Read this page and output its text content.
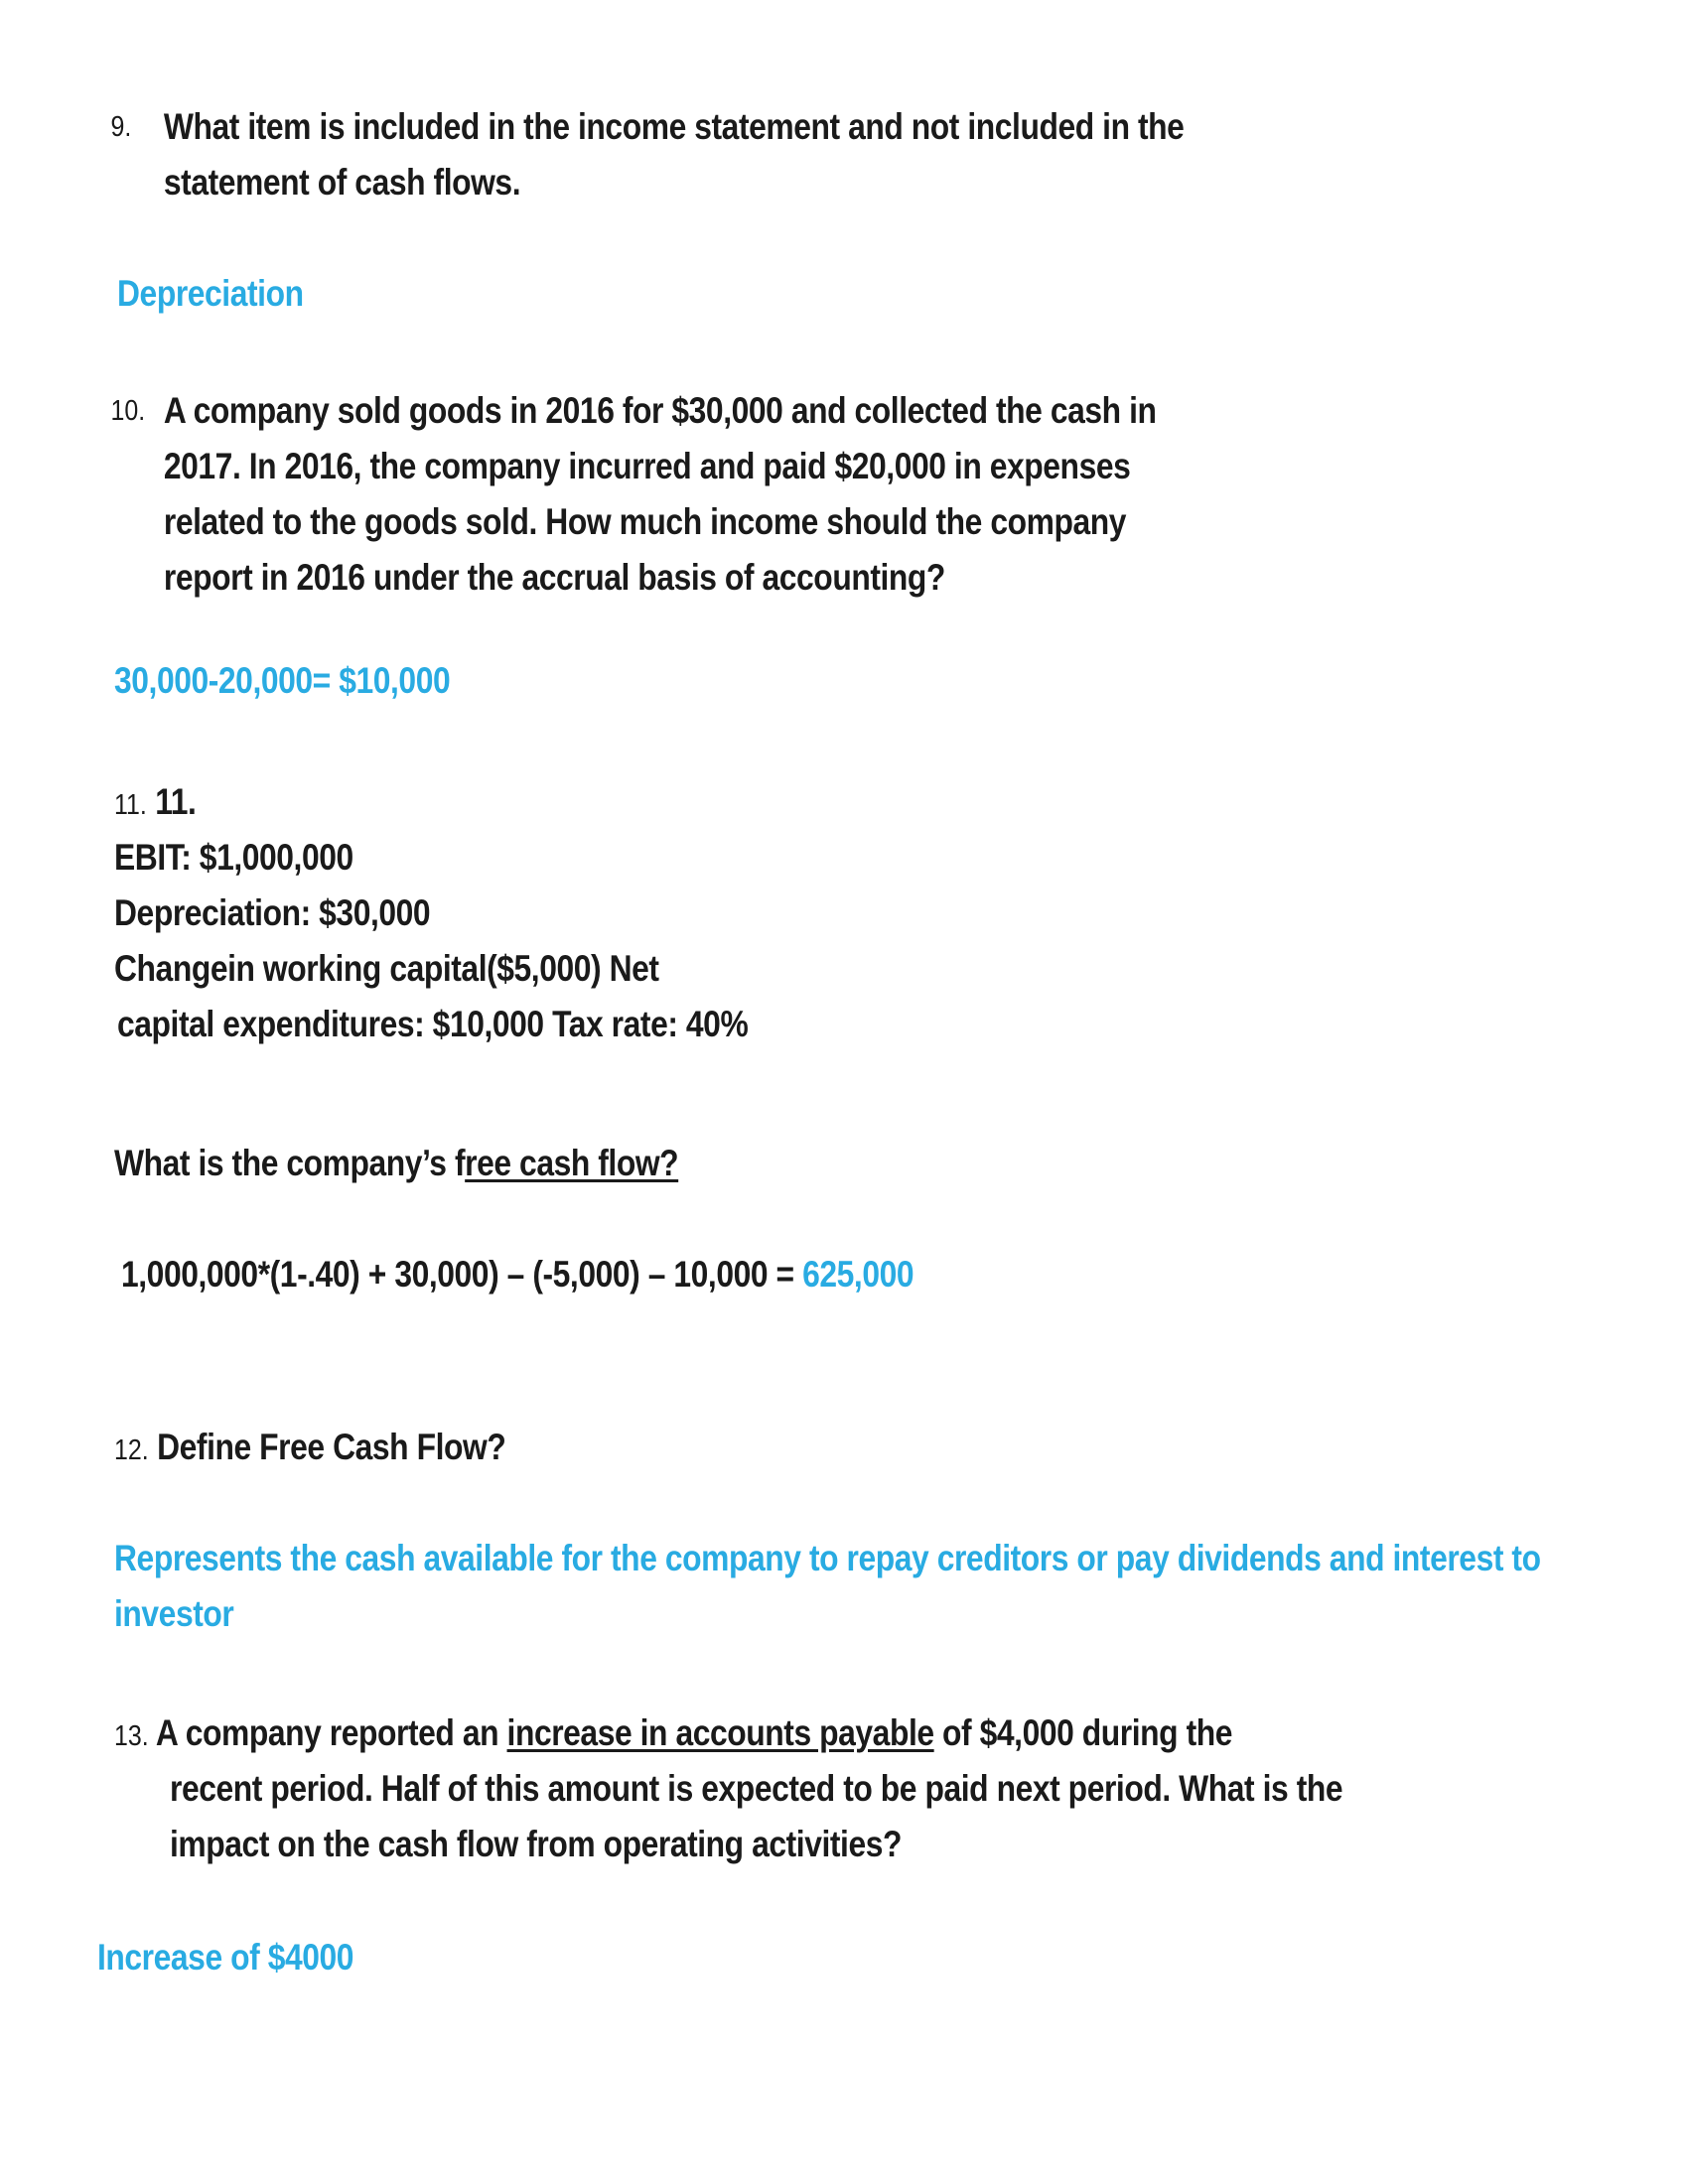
9. What item is included in the income statement and not included in the statement of cash flows.
Depreciation
10. A company sold goods in 2016 for $30,000 and collected the cash in 2017. In 2016, the company incurred and paid $20,000 in expenses related to the goods sold. How much income should the company report in 2016 under the accrual basis of accounting?
30,000-20,000= $10,000
11. 11.
EBIT: $1,000,000
Depreciation: $30,000
Changein working capital($5,000) Net
capital expenditures: $10,000 Tax rate: 40%
What is the company’s free cash flow?
1,000,000*(1-.40) + 30,000) – (-5,000) – 10,000 = 625,000
12. Define Free Cash Flow?
Represents the cash available for the company to repay creditors or pay dividends and interest to
investor
13. A company reported an increase in accounts payable of $4,000 during the
recent period. Half of this amount is expected to be paid next period. What is the
impact on the cash flow from operating activities?
Increase of $4000
